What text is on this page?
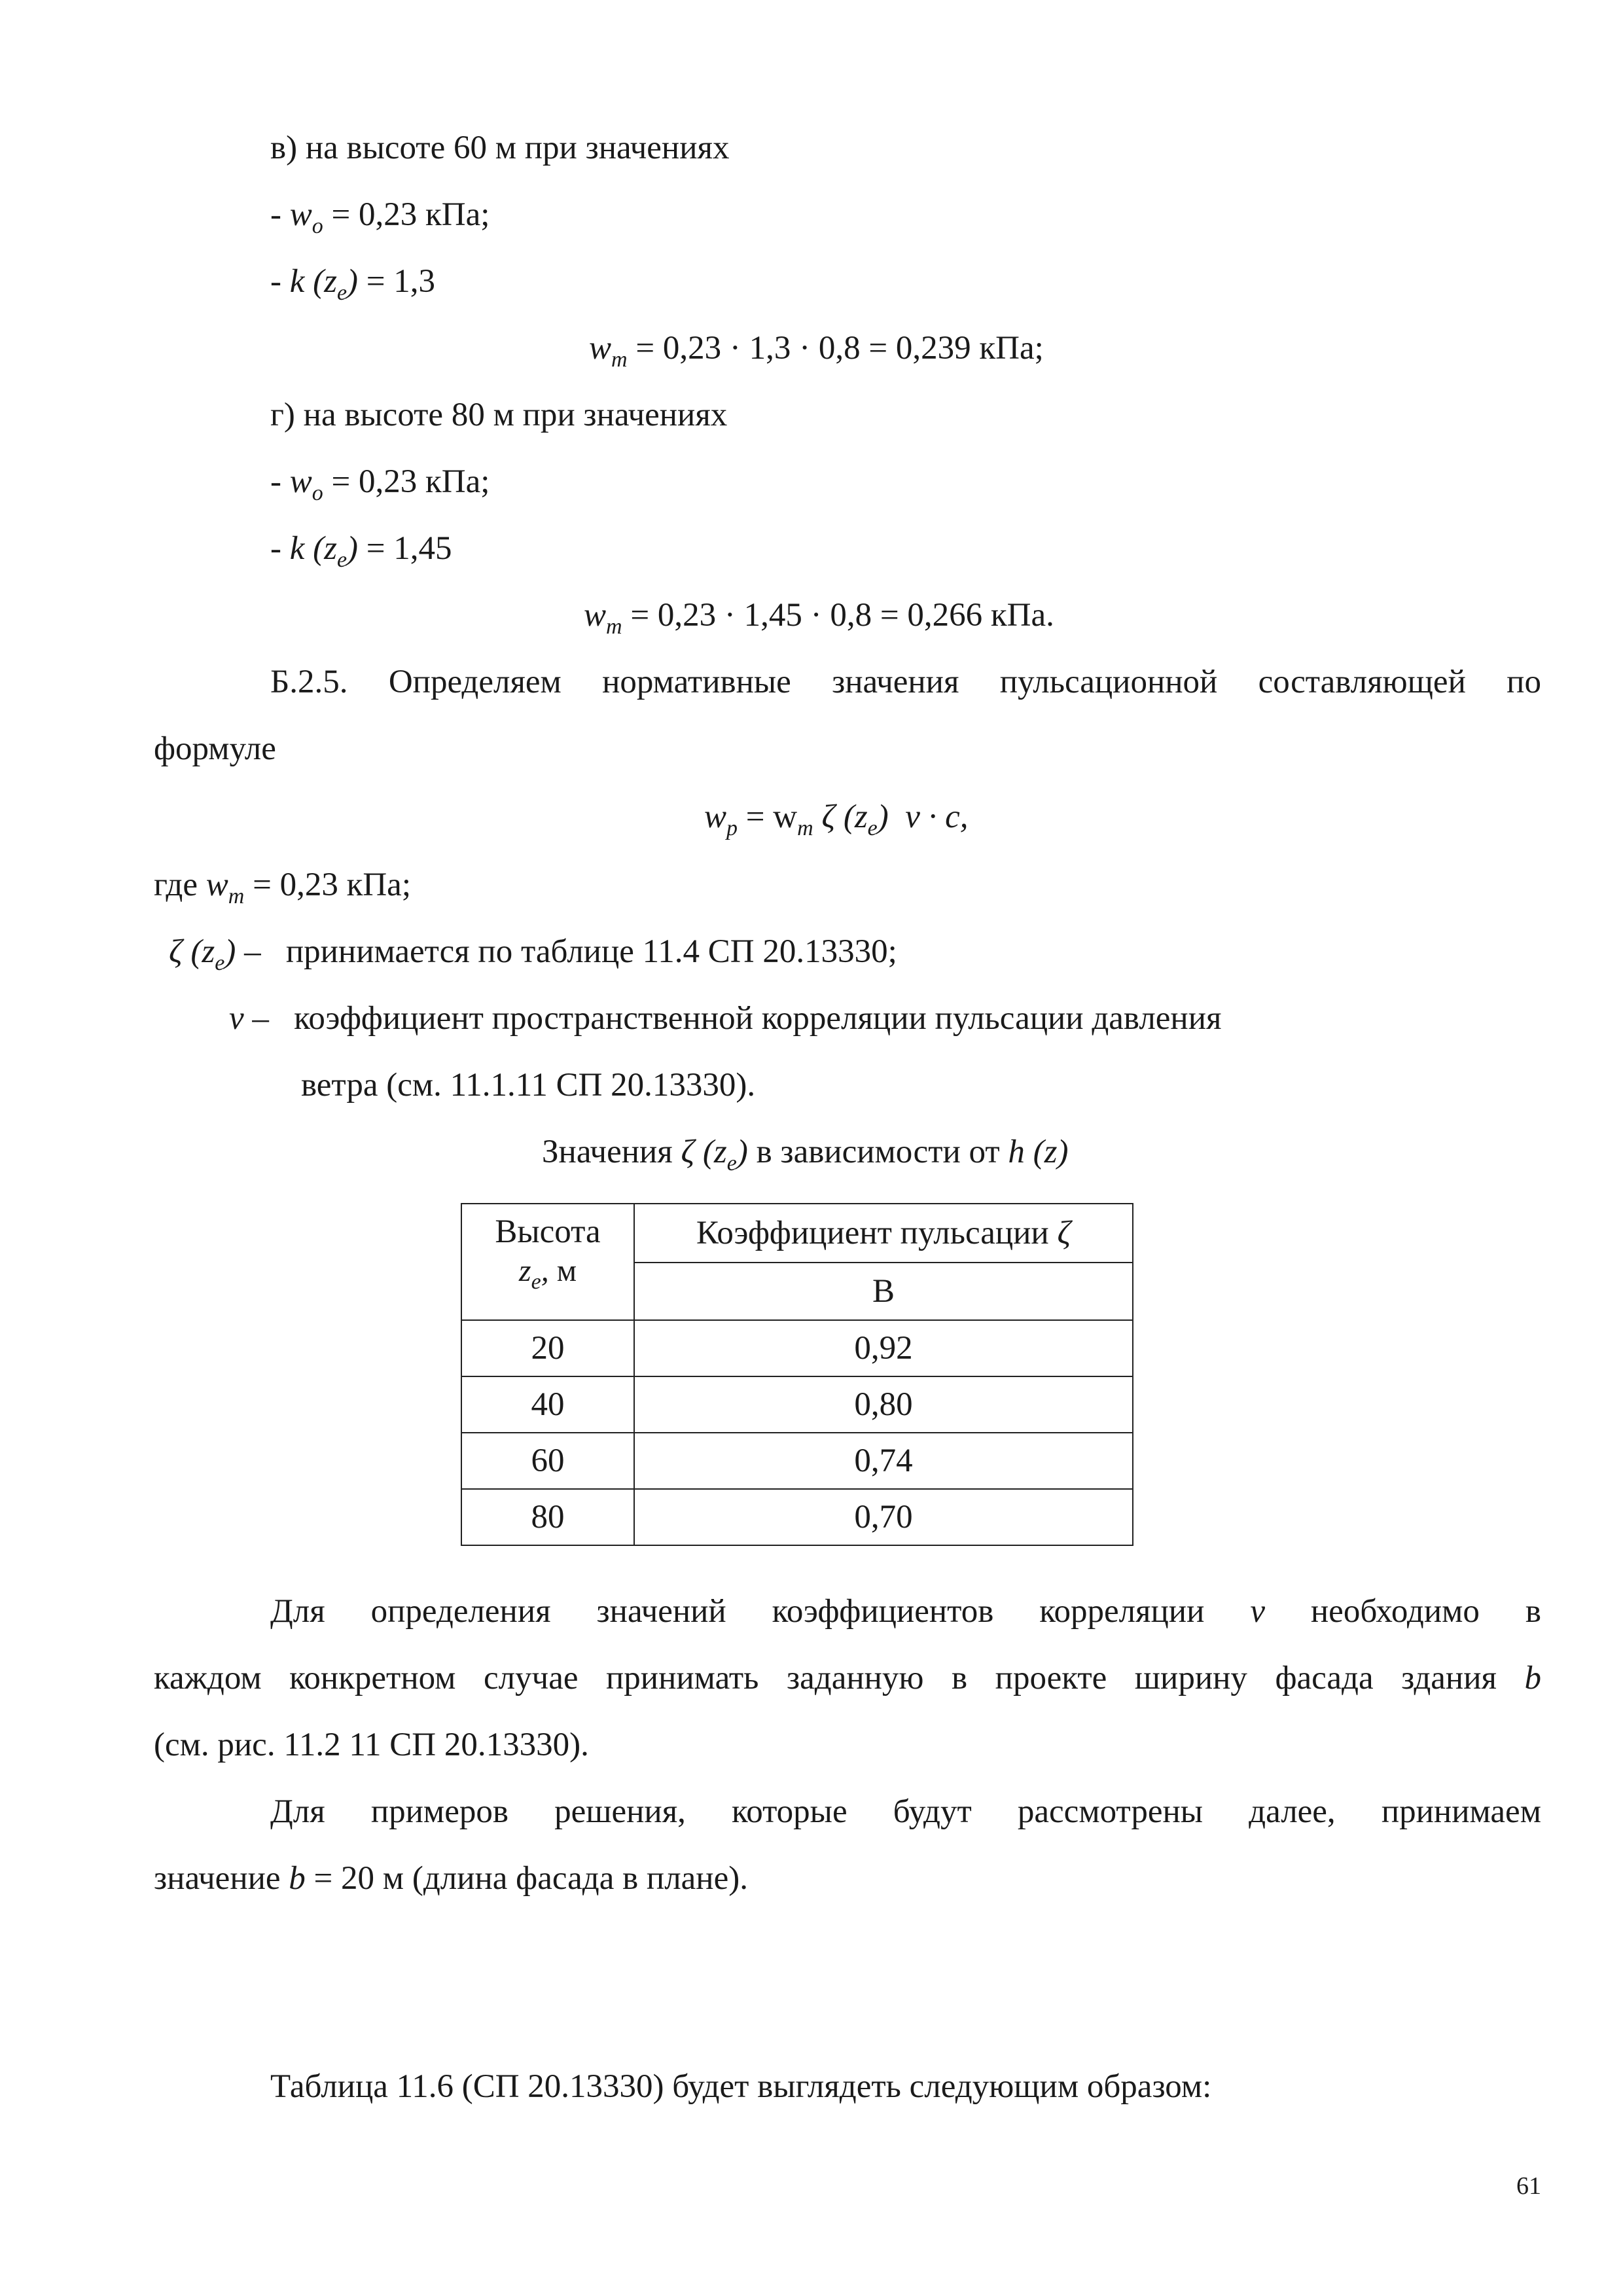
в) на высоте 60 м при значениях
- $w_o = 0,23$ кПа;
- k $(z_e) = 1,3$
$w_m = 0,23 \cdot 1,3 \cdot 0,8 = 0,239$ кПа;
г) на высоте 80 м при значениях
- $w_o = 0,23$ кПа;
- k $(z_e) = 1,45$
$w_m = 0,23 \cdot 1,45 \cdot 0,8 = 0,266$ кПа.
Б.2.5. Определяем нормативные значения пульсационной составляющей по
формуле
$w_p = w_m$ ζ $(z_e) \nu \cdot c$,
где $w_m = 0,23$ кПа;
ζ $(z_e)$ –   принимается по таблице 11.4 СП 20.13330;
ν –   коэффициент пространственной корреляции пульсации давления
ветра (см. 11.1.11 СП 20.13330).
Значения ζ $(z_e)$ в зависимости от h (z)
Высота
$z_e$, м	Коэффициент пульсации ζ
	В
20	0,92
40	0,80
60	0,74
80	0,70
Для определения значений коэффициентов корреляции ν необходимо в
каждом конкретном случае принимать заданную в проекте ширину фасада здания b
(см. рис. 11.2 11 СП 20.13330).
Для примеров решения, которые будут рассмотрены далее, принимаем
значение b = 20 м (длина фасада в плане).
Таблица 11.6 (СП 20.13330) будет выглядеть следующим образом:
61
